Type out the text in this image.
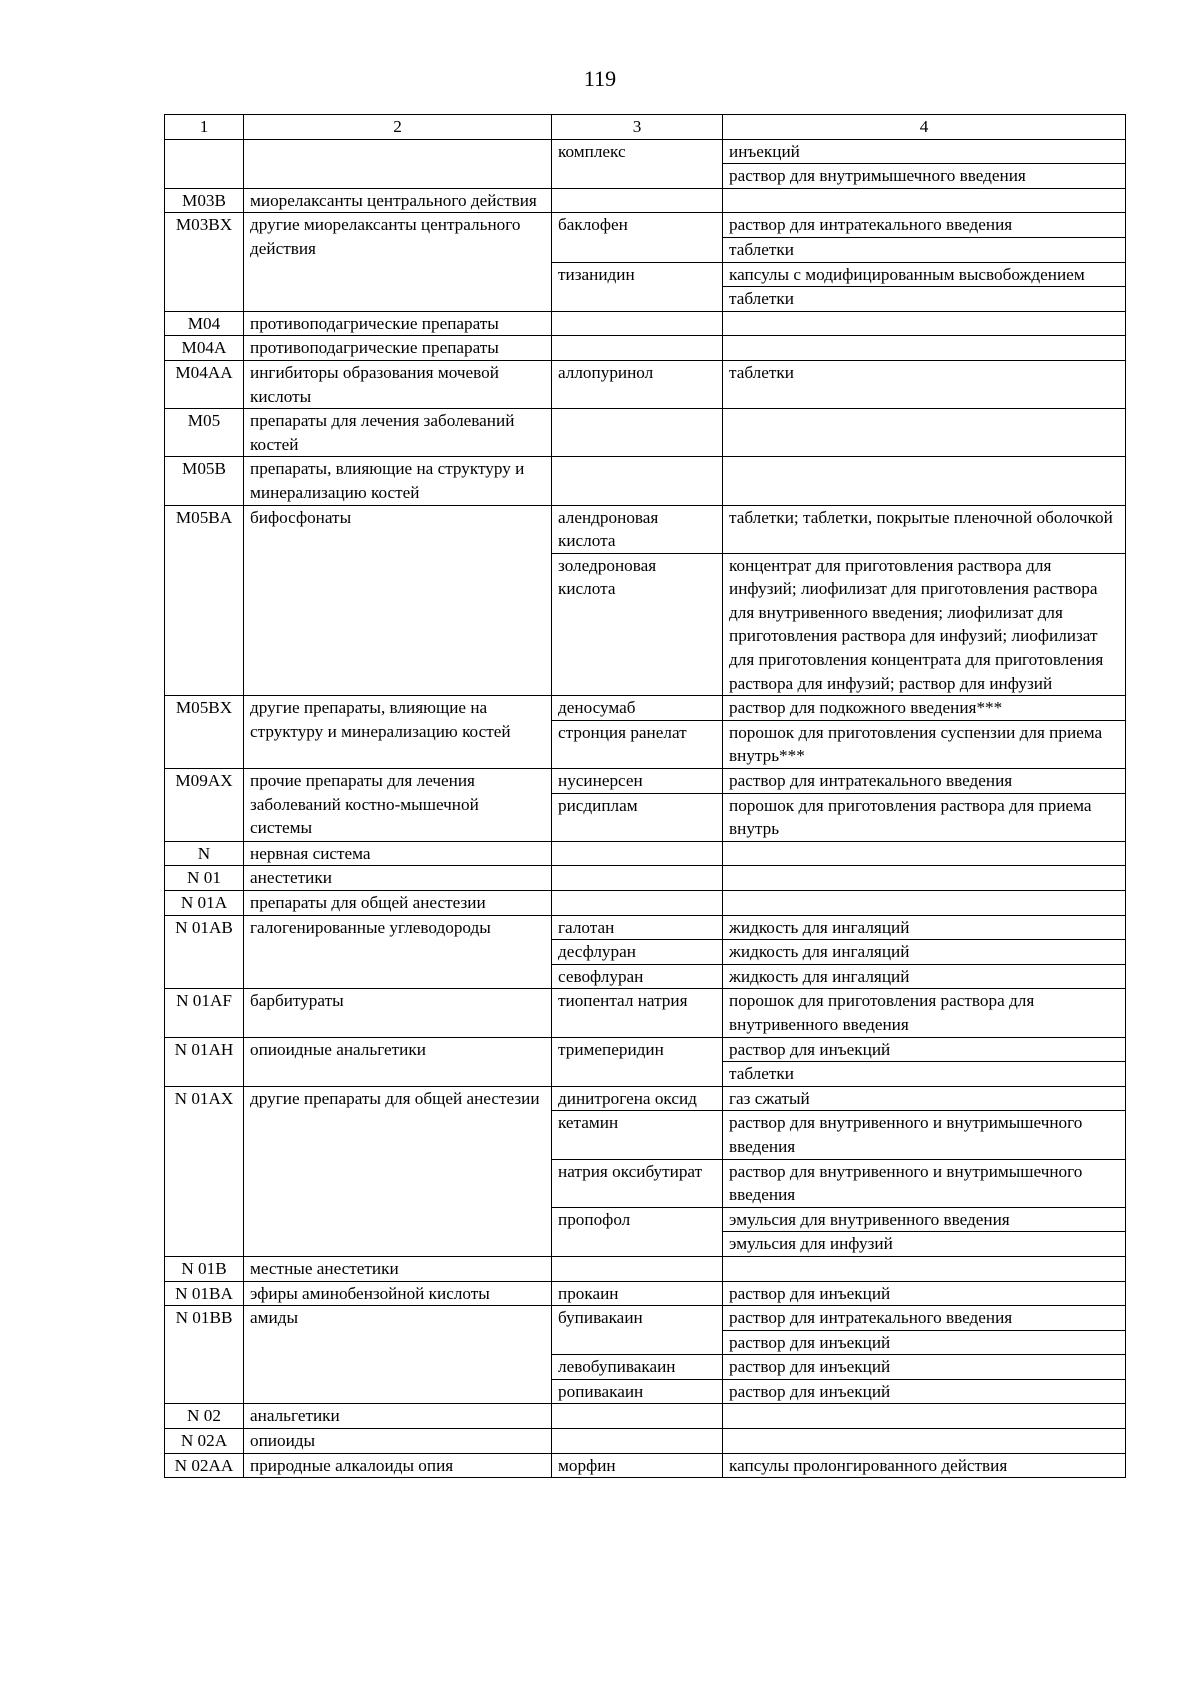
119
1	2	3	4
		комплекс	инъекций
			раствор для внутримышечного введения
M03B	миорелаксанты центрального действия		
M03BX	другие миорелаксанты центрального действия	баклофен	раствор для интратекального введения
			таблетки
		тизанидин	капсулы с модифицированным высвобождением
			таблетки
M04	противоподагрические препараты		
M04A	противоподагрические препараты		
M04AA	ингибиторы образования мочевой кислоты	аллопуринол	таблетки
M05	препараты для лечения заболеваний костей		
M05B	препараты, влияющие на структуру и минерализацию костей		
M05BA	бифосфонаты	алендроновая кислота	таблетки; таблетки, покрытые пленочной оболочкой
		золедроновая кислота	концентрат для приготовления раствора для инфузий; лиофилизат для приготовления раствора для внутривенного введения; лиофилизат для приготовления раствора для инфузий; лиофилизат для приготовления концентрата для приготовления раствора для инфузий; раствор для инфузий
M05BX	другие препараты, влияющие на структуру и минерализацию костей	деносумаб	раствор для подкожного введения***
		стронция ранелат	порошок для приготовления суспензии для приема внутрь***
M09AX	прочие препараты для лечения заболеваний костно-мышечной системы	нусинерсен	раствор для интратекального введения
		рисдиплам	порошок для приготовления раствора для приема внутрь
N	нервная система		
N 01	анестетики		
N 01A	препараты для общей анестезии		
N 01AB	галогенированные углеводороды	галотан	жидкость для ингаляций
		десфлуран	жидкость для ингаляций
		севофлуран	жидкость для ингаляций
N 01AF	барбитураты	тиопентал натрия	порошок для приготовления раствора для внутривенного введения
N 01AH	опиоидные анальгетики	тримеперидин	раствор для инъекций
			таблетки
N 01AX	другие препараты для общей анестезии	динитрогена оксид	газ сжатый
		кетамин	раствор для внутривенного и внутримышечного введения
		натрия оксибутират	раствор для внутривенного и внутримышечного введения
		пропофол	эмульсия для внутривенного введения
			эмульсия для инфузий
N 01B	местные анестетики		
N 01BA	эфиры аминобензойной кислоты	прокаин	раствор для инъекций
N 01BB	амиды	бупивакаин	раствор для интратекального введения
			раствор для инъекций
		левобупивакаин	раствор для инъекций
		ропивакаин	раствор для инъекций
N 02	анальгетики		
N 02A	опиоиды		
N 02AA	природные алкалоиды опия	морфин	капсулы пролонгированного действия
